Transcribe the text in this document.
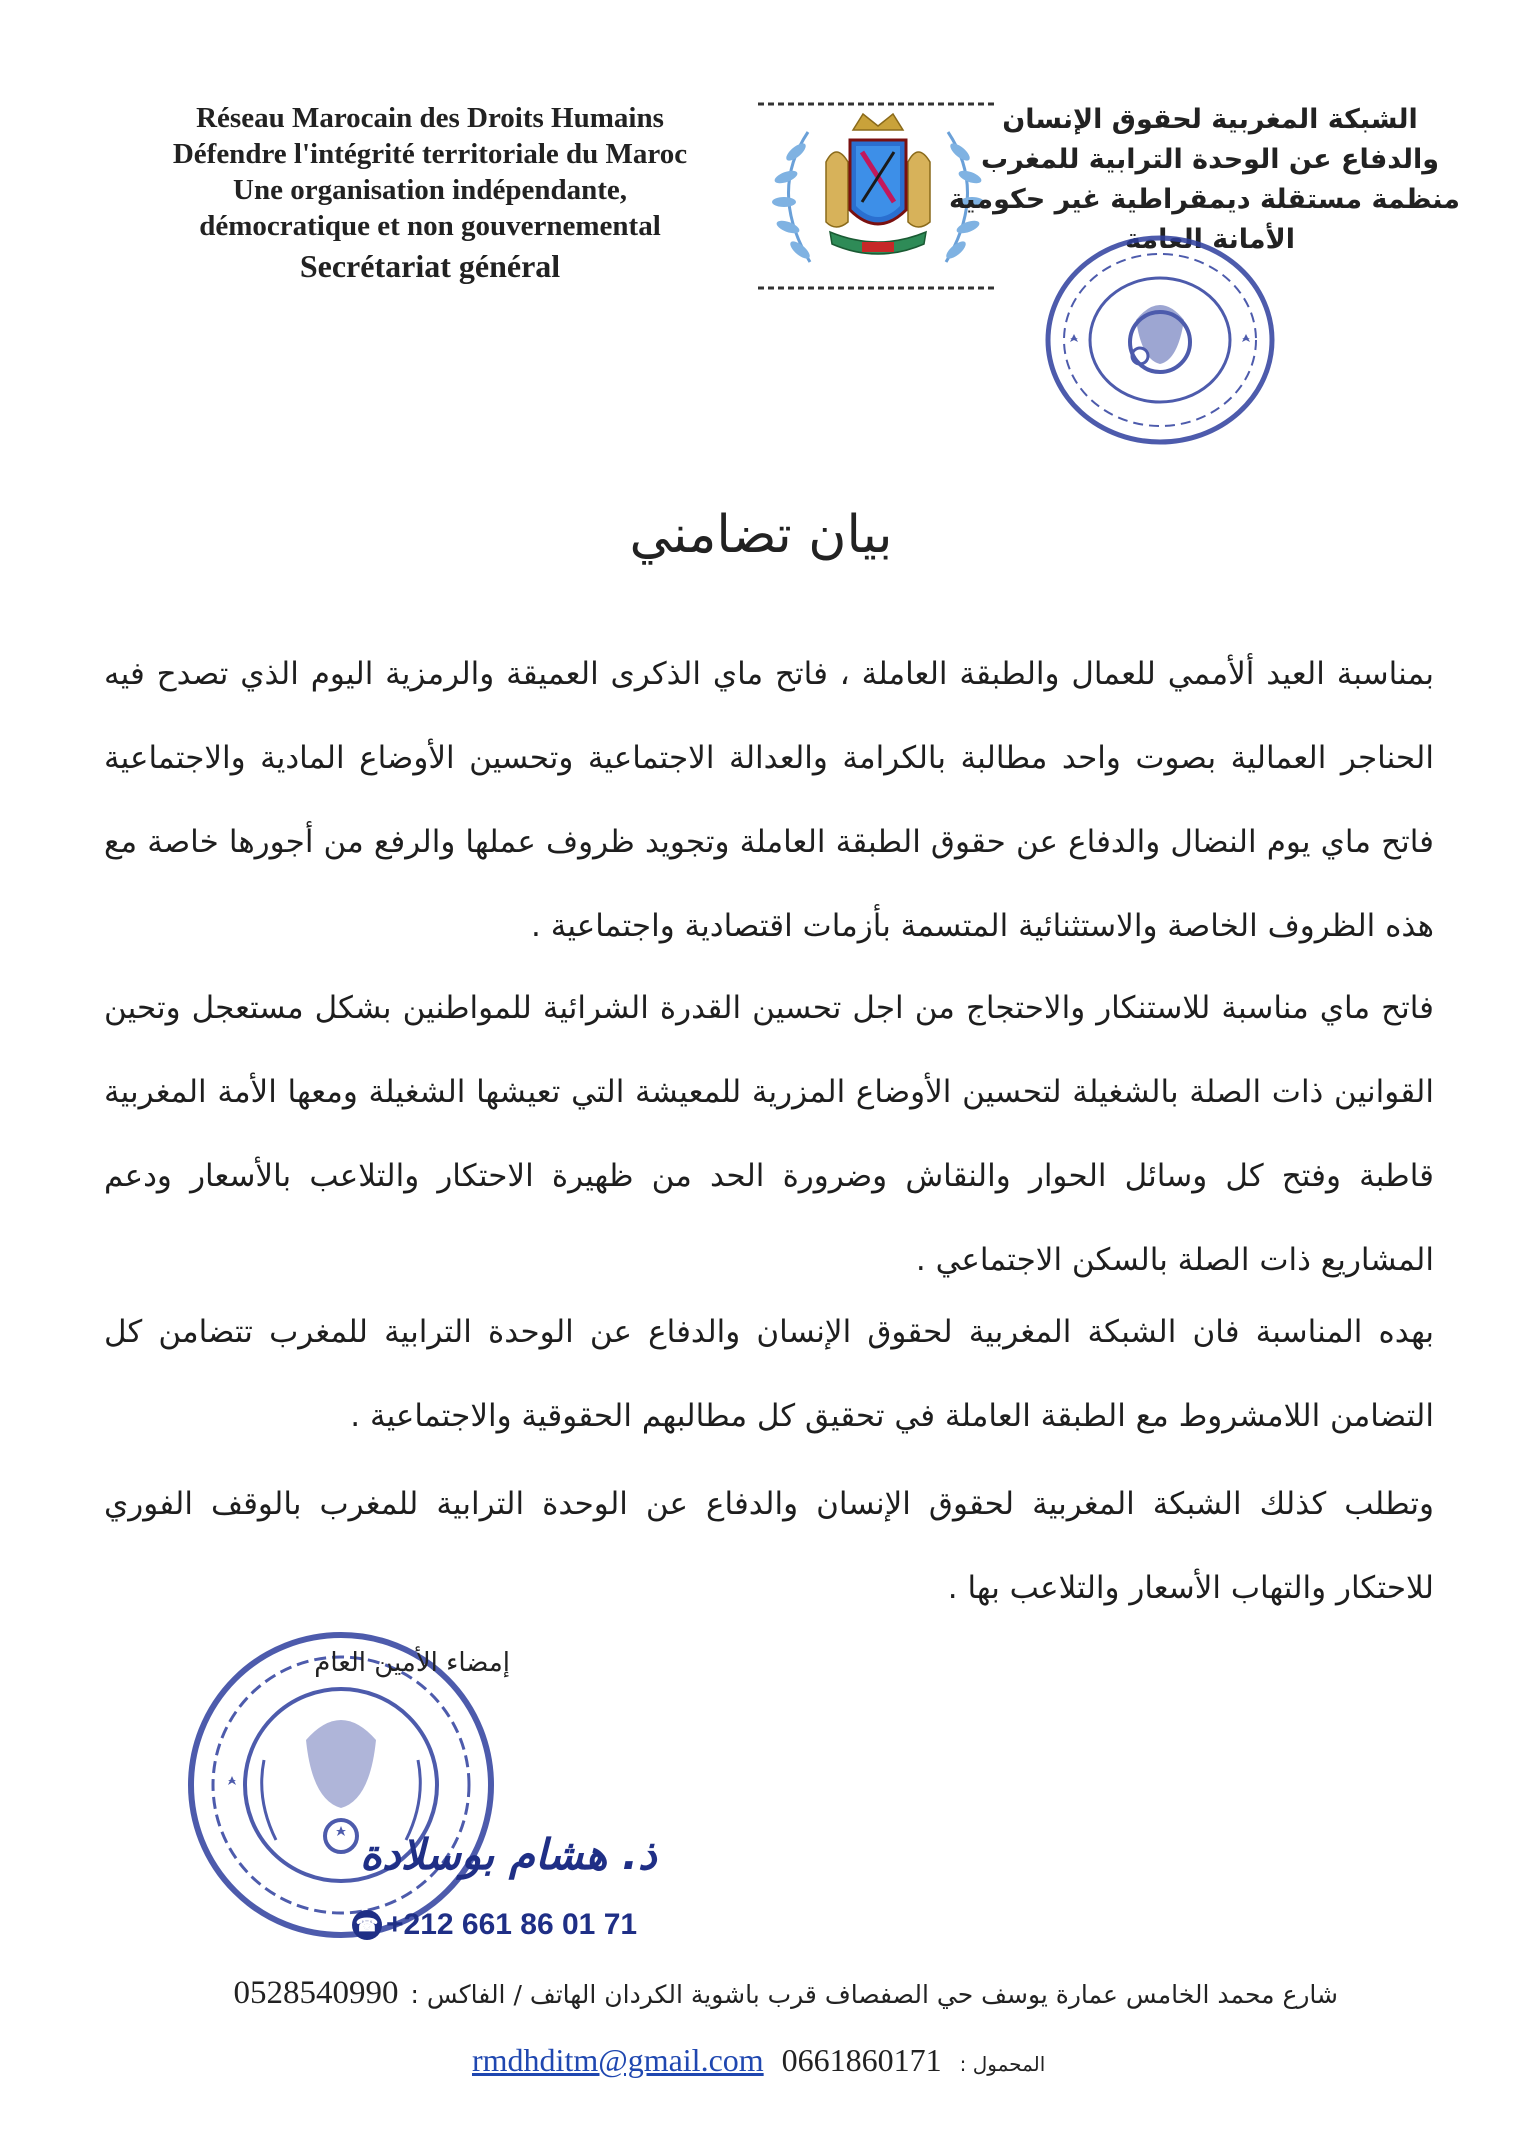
Réseau Marocain des Droits Humains
Défendre l'intégrité territoriale du Maroc
Une organisation indépendante,
démocratique et non gouvernemental
Secrétariat général
الشبكة المغربية لحقوق الإنسان
والدفاع عن الوحدة الترابية للمغرب
منظمة مستقلة ديمقراطية غير حكومية
الأمانة العامة
بيان تضامني

بمناسبة العيد ألأممي للعمال والطبقة العاملة ، فاتح ماي الذكرى العميقة والرمزية اليوم الذي تصدح فيه الحناجر العمالية بصوت واحد مطالبة بالكرامة والعدالة الاجتماعية وتحسين الأوضاع المادية والاجتماعية فاتح ماي يوم النضال والدفاع عن حقوق الطبقة العاملة وتجويد ظروف عملها والرفع من أجورها خاصة مع هذه الظروف الخاصة والاستثنائية المتسمة بأزمات اقتصادية واجتماعية .

فاتح ماي مناسبة للاستنكار والاحتجاج من اجل تحسين القدرة الشرائية للمواطنين بشكل مستعجل وتحين القوانين ذات الصلة بالشغيلة لتحسين الأوضاع المزرية للمعيشة التي تعيشها الشغيلة ومعها الأمة المغربية قاطبة وفتح كل وسائل الحوار والنقاش وضرورة الحد من ظهيرة الاحتكار والتلاعب بالأسعار ودعم المشاريع ذات الصلة بالسكن الاجتماعي .

بهده المناسبة فان الشبكة المغربية لحقوق الإنسان والدفاع عن الوحدة الترابية للمغرب تتضامن كل التضامن اللامشروط مع الطبقة العاملة في تحقيق كل مطالبهم الحقوقية والاجتماعية .

وتطلب كذلك الشبكة المغربية لحقوق الإنسان والدفاع عن الوحدة الترابية للمغرب بالوقف الفوري للاحتكار والتهاب الأسعار والتلاعب بها .

إمضاء الأمين العام
ذ. هشام بوسلادة
☎ +212 661 86 01 71
شارع محمد الخامس عمارة يوسف حي الصفصاف قرب باشوية الكردان الهاتف / الفاكس :
0528540990
rmdhditm@gmail.com 0661860171 المحمول :
